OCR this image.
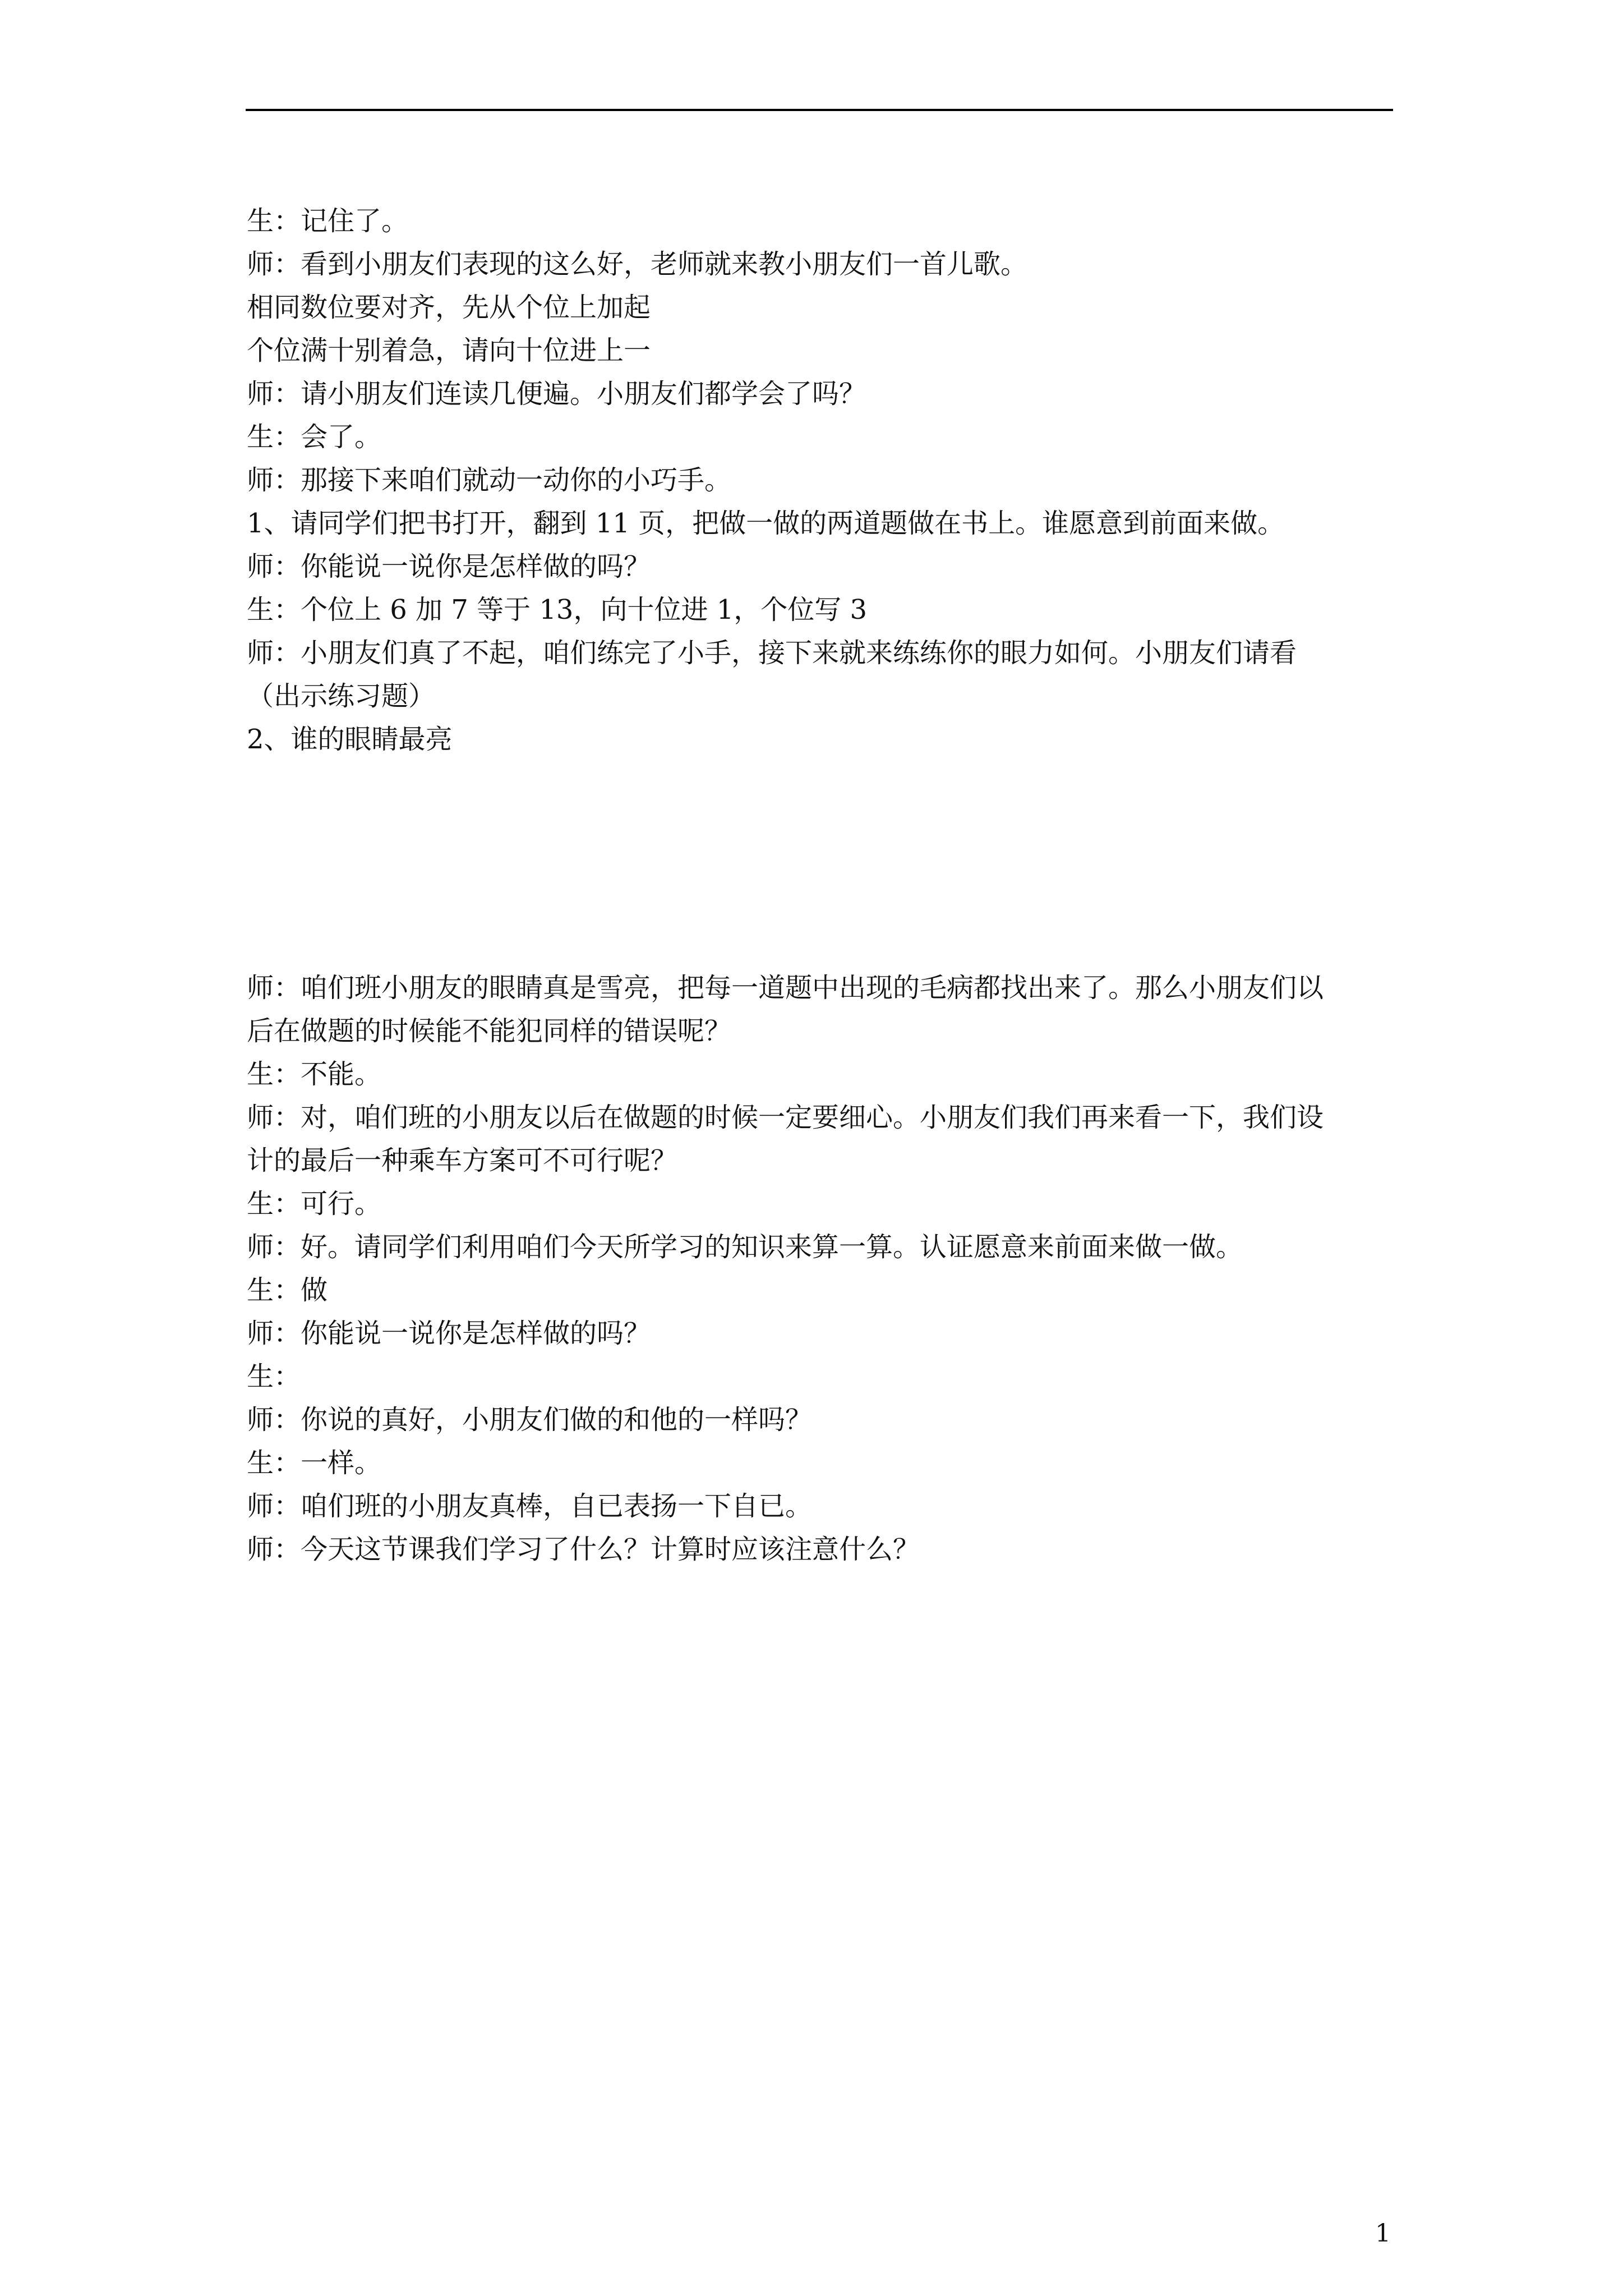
生：记住了。
师：看到小朋友们表现的这么好，老师就来教小朋友们一首儿歌。
相同数位要对齐，先从个位上加起
个位满十别着急，请向十位进上一
师：请小朋友们连读几便遍。小朋友们都学会了吗？
生：会了。
师：那接下来咱们就动一动你的小巧手。
1、请同学们把书打开，翻到 11 页，把做一做的两道题做在书上。谁愿意到前面来做。
师：你能说一说你是怎样做的吗？
生：个位上 6 加 7 等于 13，向十位进 1，个位写 3
师：小朋友们真了不起，咱们练完了小手，接下来就来练练你的眼力如何。小朋友们请看
（出示练习题）
2、谁的眼睛最亮
师：咱们班小朋友的眼睛真是雪亮，把每一道题中出现的毛病都找出来了。那么小朋友们以
后在做题的时候能不能犯同样的错误呢？
生：不能。
师：对，咱们班的小朋友以后在做题的时候一定要细心。小朋友们我们再来看一下，我们设
计的最后一种乘车方案可不可行呢？
生：可行。
师：好。请同学们利用咱们今天所学习的知识来算一算。认证愿意来前面来做一做。
生：做
师：你能说一说你是怎样做的吗？
生：
师：你说的真好，小朋友们做的和他的一样吗？
生：一样。
师：咱们班的小朋友真棒，自已表扬一下自已。
师：今天这节课我们学习了什么？计算时应该注意什么？
1
